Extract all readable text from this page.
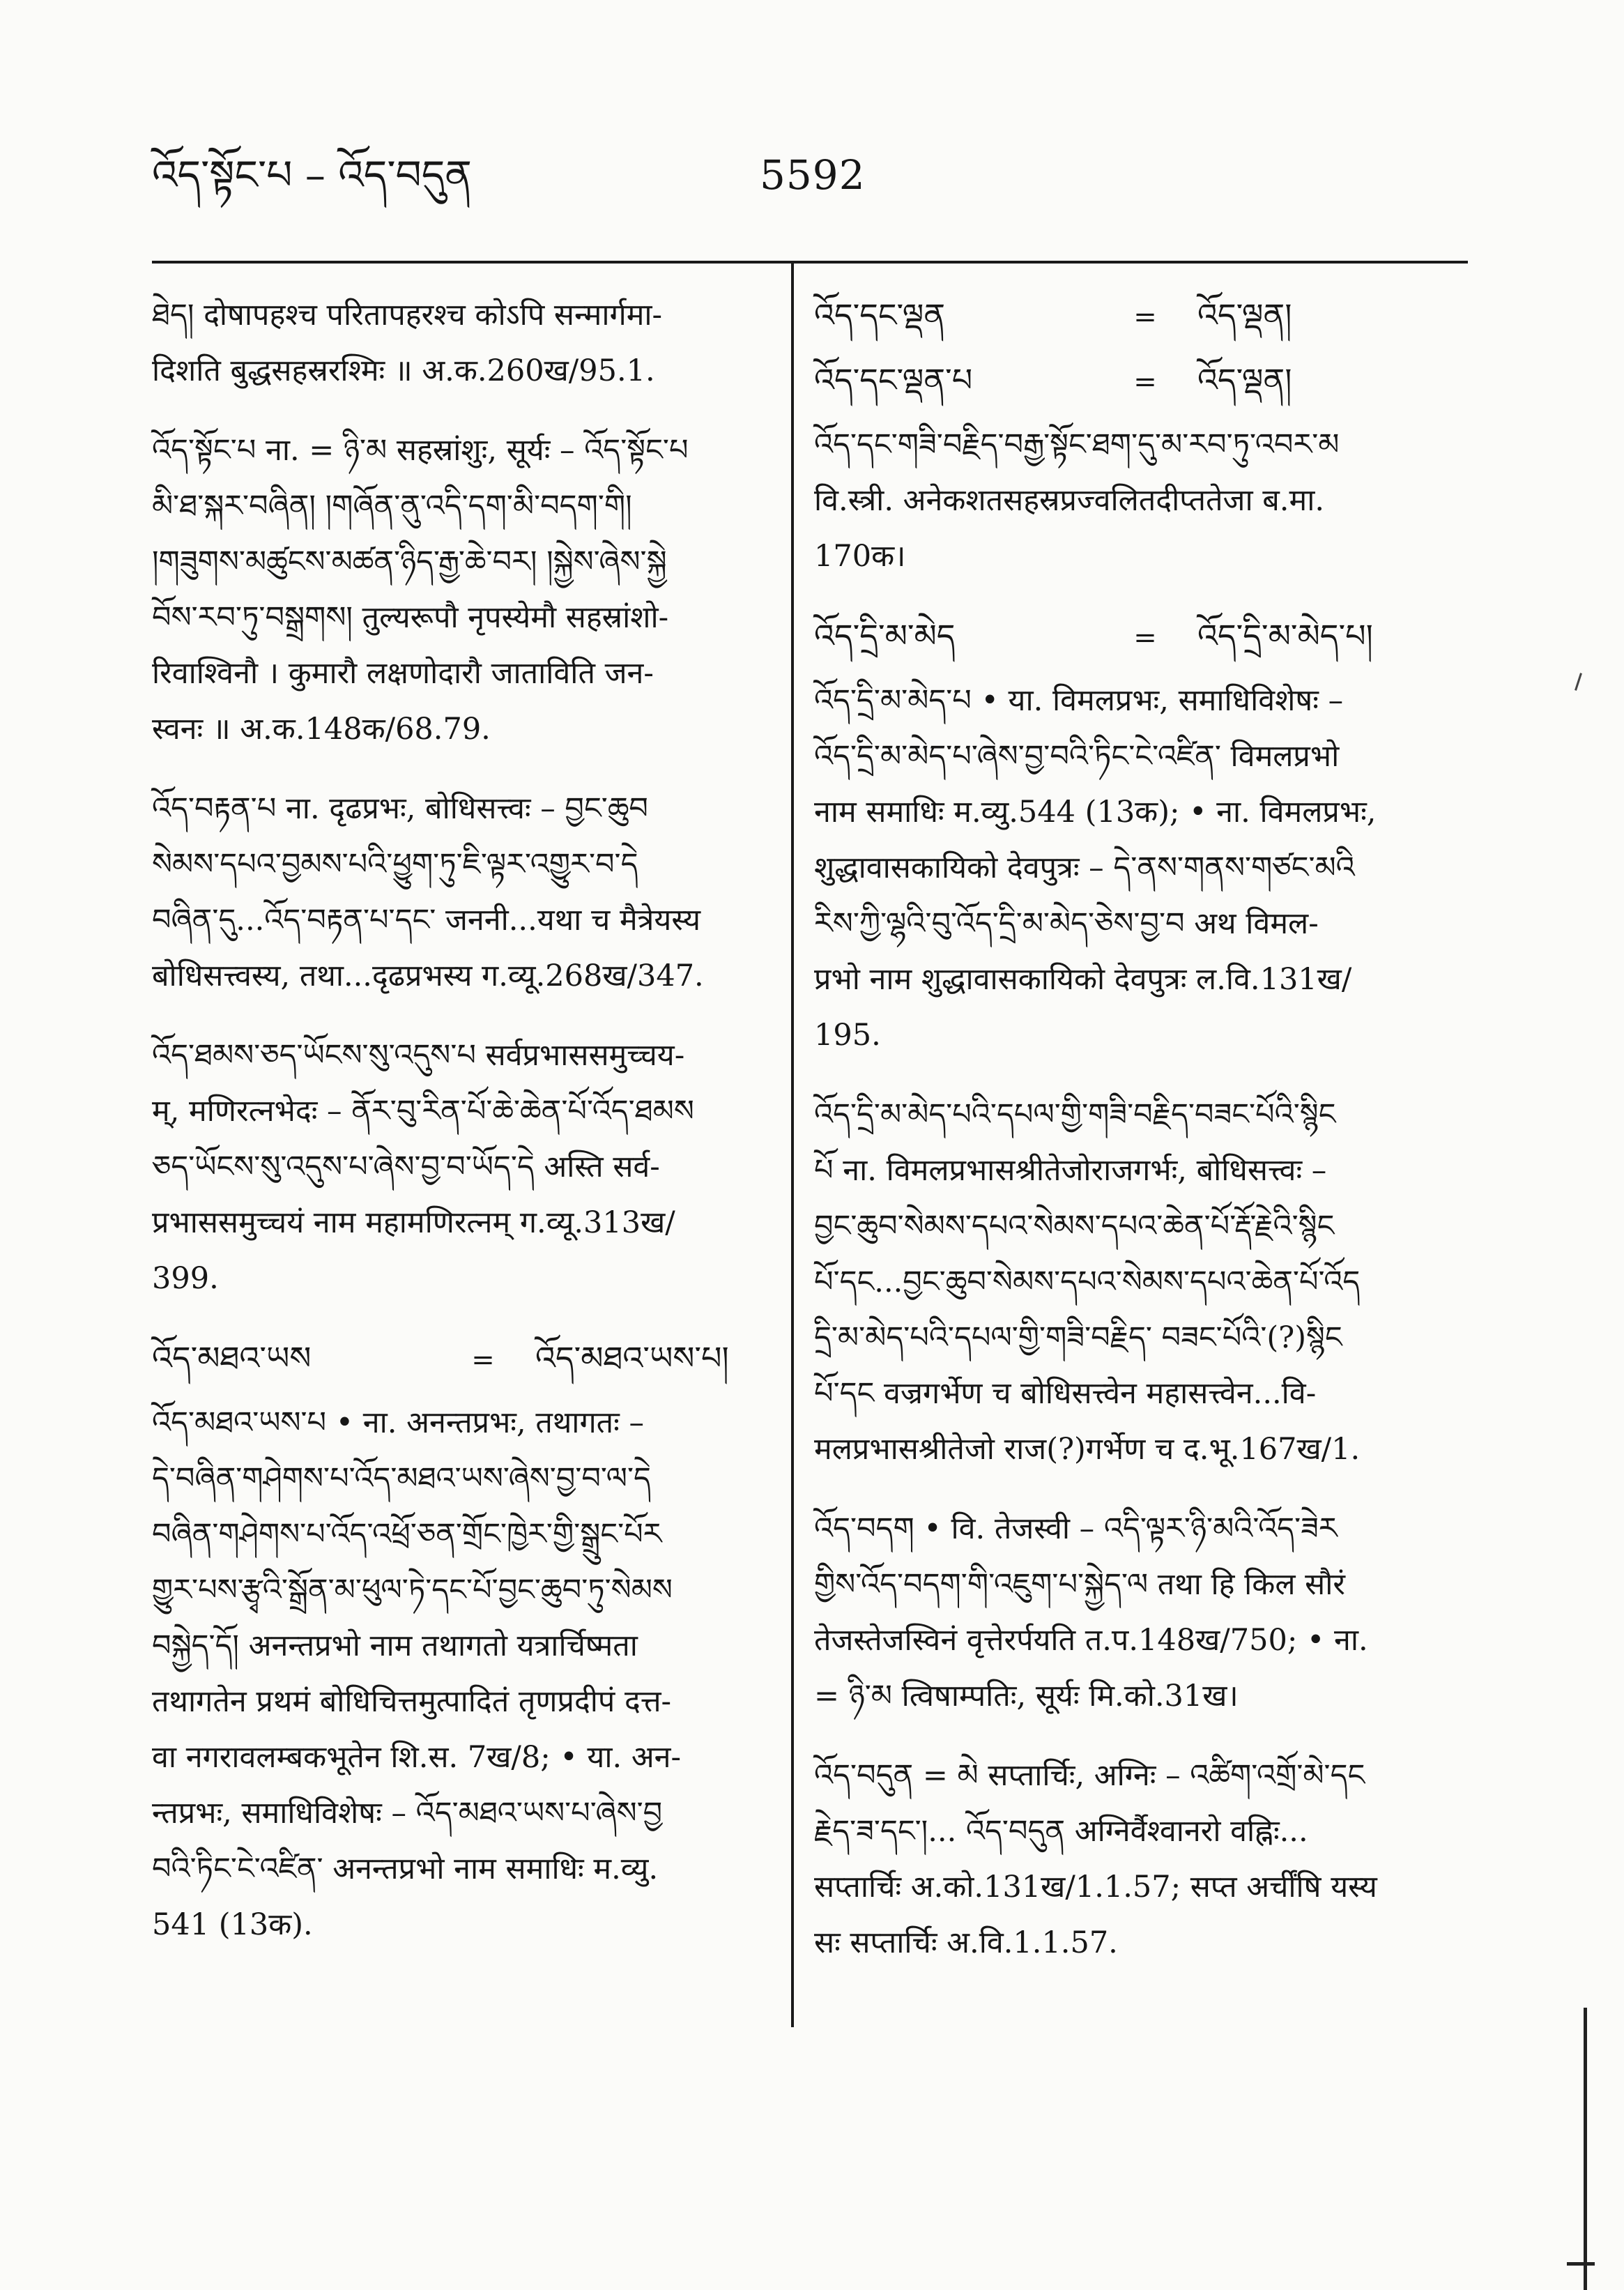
འོད་སྟོང་པ – འོད་བདུན	5592

ཐེད། दोषापहश्च परितापहरश्च कोऽपि सन्मार्गमा-

दिशति बुद्धसहस्ररश्मिः ॥ अ.क.260ख/95.1.

འོད་སྟོང་པ ना. = ཉི་མ सहस्रांशुः, सूर्यः – འོད་སྟོང་པ

མི་ཐ་སྐར་བཞིན། །གཞོན་ནུ་འདི་དག་མི་བདག་གི།

།གཟུགས་མཚུངས་མཚན་ཉིད་རྒྱ་ཆེ་བར། །སྐྱེས་ཞེས་སྐྱེ

བོས་རབ་ཏུ་བསྒྲགས། तुल्यरूपौ नृपस्येमौ सहस्रांशो-

रिवाश्विनौ । कुमारौ लक्षणोदारौ जाताविति जन-

स्वनः ॥ अ.क.148क/68.79.

འོད་བརྟན་པ ना. दृढप्रभः, बोधिसत्त्वः – བྱང་ཆུབ

སེམས་དཔའ་བྱམས་པའི་ཕྱུག་ཏུ་ཇི་ལྟར་འགྱུར་བ་དེ

བཞིན་དུ...འོད་བརྟན་པ་དང་ जननी...यथा च मैत्रेयस्य

बोधिसत्त्वस्य, तथा...दृढप्रभस्य ग.व्यू.268ख/347.

འོད་ཐམས་ཅད་ཡོངས་སུ་འདུས་པ सर्वप्रभाससमुच्चय-

म्, मणिरत्नभेदः – ནོར་བུ་རིན་པོ་ཆེ་ཆེན་པོ་འོད་ཐམས

ཅད་ཡོངས་སུ་འདུས་པ་ཞེས་བྱ་བ་ཡོད་དེ अस्ति सर्व-

प्रभाससमुच्चयं नाम महामणिरत्नम् ग.व्यू.313ख/

399.

འོད་མཐའ་ཡས	=	འོད་མཐའ་ཡས་པ།

འོད་མཐའ་ཡས་པ • ना. अनन्तप्रभः, तथागतः –

དེ་བཞིན་གཤེགས་པ་འོད་མཐའ་ཡས་ཞེས་བྱ་བ་ལ་དེ

བཞིན་གཤེགས་པ་འོད་འཕྲོ་ཅན་གྲོང་ཁྱེར་གྱི་སྒྲུང་པོར

གྱུར་པས་རྩྭའི་སྒྲོན་མ་ཕུལ་ཏེ་དང་པོ་བྱང་ཆུབ་ཏུ་སེམས

བསྐྱེད་དོ། अनन्तप्रभो नाम तथागतो यत्रार्चिष्मता

तथागतेन प्रथमं बोधिचित्तमुत्पादितं तृणप्रदीपं दत्त-

वा नगरावलम्बकभूतेन शि.स. 7ख/8; • या. अन-

न्तप्रभः, समाधिविशेषः – འོད་མཐའ་ཡས་པ་ཞེས་བྱ

བའི་ཏིང་ངེ་འཛིན་ अनन्तप्रभो नाम समाधिः म.व्यु.

541 (13क).

འོད་དང་ལྡན	=	འོད་ལྡན།
འོད་དང་ལྡན་པ	=	འོད་ལྡན།

འོད་དང་གཟི་བརྗིད་བརྒྱ་སྟོང་ཐག་དུ་མ་རབ་ཏུ་འབར་མ

वि.स्त्री. अनेकशतसहस्रप्रज्वलितदीप्ततेजा ब.मा.

170क।

འོད་དྲི་མ་མེད	=	འོད་དྲི་མ་མེད་པ།

འོད་དྲི་མ་མེད་པ • या. विमलप्रभः, समाधिविशेषः –

འོད་དྲི་མ་མེད་པ་ཞེས་བྱ་བའི་ཏིང་ངེ་འཛིན་ विमलप्रभो

नाम समाधिः म.व्यु.544 (13क); • ना. विमलप्रभः,

शुद्धावासकायिको देवपुत्रः – དེ་ནས་གནས་གཙང་མའི

རིས་ཀྱི་ལྷའི་བུ་འོད་དྲི་མ་མེད་ཅེས་བྱ་བ अथ विमल-

प्रभो नाम शुद्धावासकायिको देवपुत्रः ल.वि.131ख/

195.

འོད་དྲི་མ་མེད་པའི་དཔལ་གྱི་གཟི་བརྗིད་བཟང་པོའི་སྙིང

པོ ना. विमलप्रभासश्रीतेजोराजगर्भः, बोधिसत्त्वः –

བྱང་ཆུབ་སེམས་དཔའ་སེམས་དཔའ་ཆེན་པོ་རྡོ་རྗེའི་སྙིང

པོ་དང...བྱང་ཆུབ་སེམས་དཔའ་སེམས་དཔའ་ཆེན་པོ་འོད

དྲི་མ་མེད་པའི་དཔལ་གྱི་གཟི་བརྗིད་ བཟང་པོའི་(?)སྙིང

པོ་དང वज्रगर्भेण च बोधिसत्त्वेन महासत्त्वेन...वि-

मलप्रभासश्रीतेजो राज(?)गर्भेण च द.भू.167ख/1.

འོད་བདག • वि. तेजस्वी – འདི་ལྟར་ཉི་མའི་འོད་ཟེར

གྱིས་འོད་བདག་གི་འཇུག་པ་སྐྱེད་ལ तथा हि किल सौरं

तेजस्तेजस्विनं वृत्तेरर्पयति त.प.148ख/750; • ना.

= ཉི་མ त्विषाम्पतिः, सूर्यः मि.को.31ख।

འོད་བདུན = མེ सप्तार्चिः, अग्निः – འཚིག་འགྲོ་མེ་དང

རྗེད་ཟ་དང་།... འོད་བདུན अग्निर्वैश्वानरो वह्निः...

सप्तार्चिः अ.को.131ख/1.1.57; सप्त अर्चींषि यस्य

सः सप्तार्चिः अ.वि.1.1.57.
